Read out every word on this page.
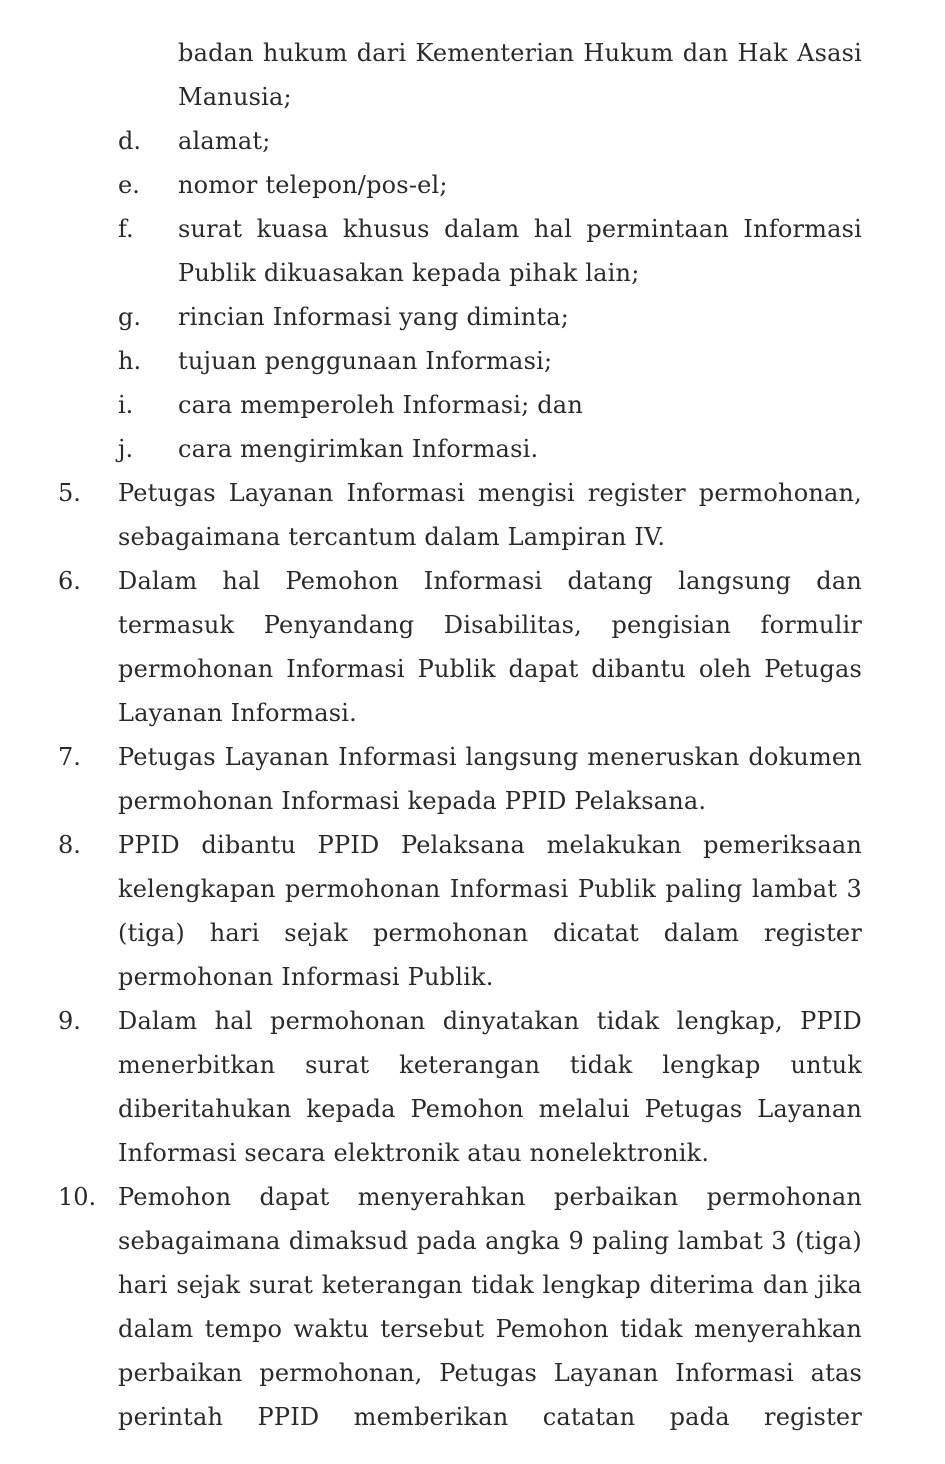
badan hukum dari Kementerian Hukum dan Hak Asasi
Manusia;
d. alamat;
e. nomor telepon/pos-el;
f. surat kuasa khusus dalam hal permintaan Informasi
Publik dikuasakan kepada pihak lain;
g. rincian Informasi yang diminta;
h. tujuan penggunaan Informasi;
i. cara memperoleh Informasi; dan
j. cara mengirimkan Informasi.
5. Petugas Layanan Informasi mengisi register permohonan,
sebagaimana tercantum dalam Lampiran IV.
6. Dalam hal Pemohon Informasi datang langsung dan
termasuk Penyandang Disabilitas, pengisian formulir
permohonan Informasi Publik dapat dibantu oleh Petugas
Layanan Informasi.
7. Petugas Layanan Informasi langsung meneruskan dokumen
permohonan Informasi kepada PPID Pelaksana.
8. PPID dibantu PPID Pelaksana melakukan pemeriksaan
kelengkapan permohonan Informasi Publik paling lambat 3
(tiga) hari sejak permohonan dicatat dalam register
permohonan Informasi Publik.
9. Dalam hal permohonan dinyatakan tidak lengkap, PPID
menerbitkan surat keterangan tidak lengkap untuk
diberitahukan kepada Pemohon melalui Petugas Layanan
Informasi secara elektronik atau nonelektronik.
10. Pemohon dapat menyerahkan perbaikan permohonan
sebagaimana dimaksud pada angka 9 paling lambat 3 (tiga)
hari sejak surat keterangan tidak lengkap diterima dan jika
dalam tempo waktu tersebut Pemohon tidak menyerahkan
perbaikan permohonan, Petugas Layanan Informasi atas
perintah PPID memberikan catatan pada register
